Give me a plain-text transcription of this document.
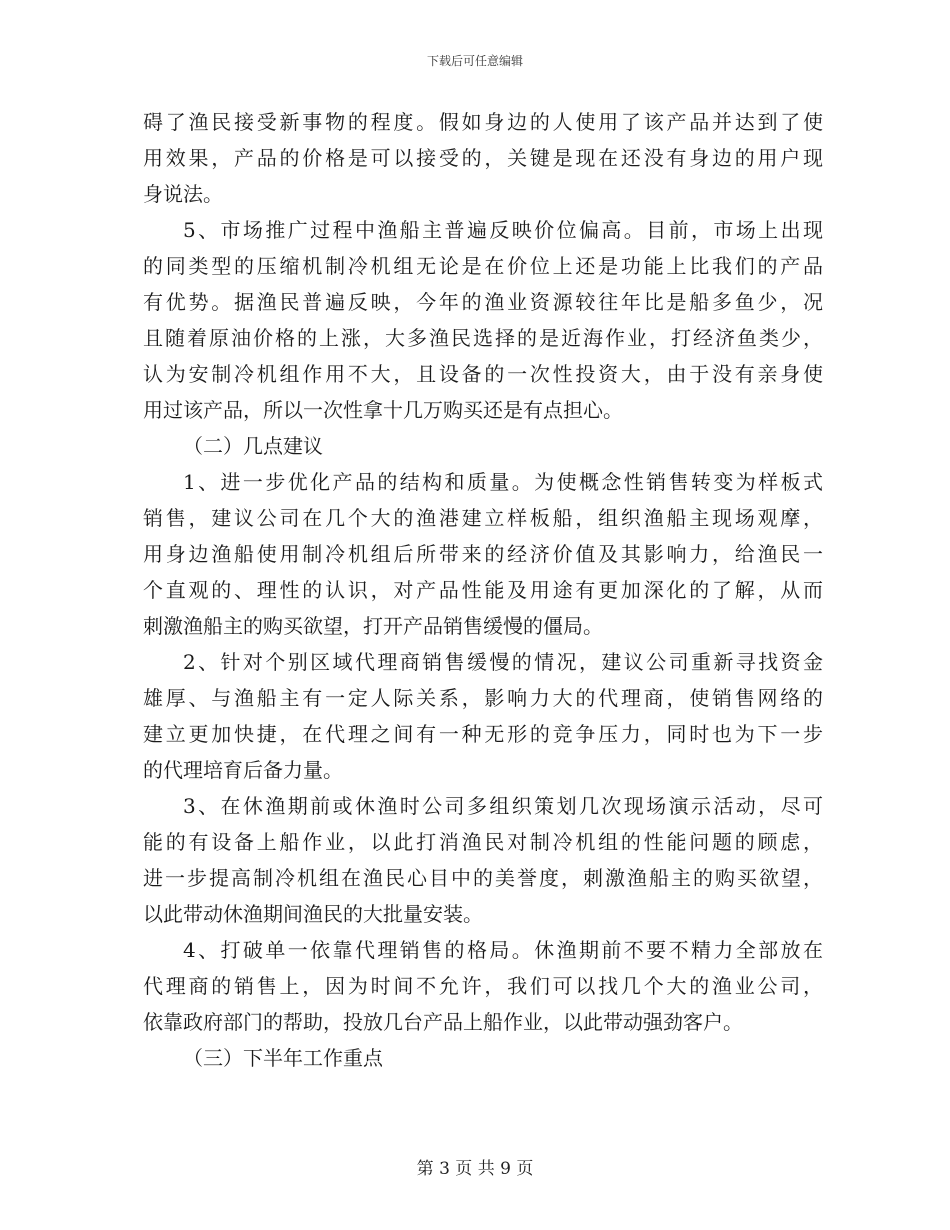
下载后可任意编辑
碍了渔民接受新事物的程度。假如身边的人使用了该产品并达到了使
用效果，产品的价格是可以接受的，关键是现在还没有身边的用户现
身说法。
5、市场推广过程中渔船主普遍反映价位偏高。目前，市场上出现
的同类型的压缩机制冷机组无论是在价位上还是功能上比我们的产品
有优势。据渔民普遍反映，今年的渔业资源较往年比是船多鱼少，况
且随着原油价格的上涨，大多渔民选择的是近海作业，打经济鱼类少，
认为安制冷机组作用不大，且设备的一次性投资大，由于没有亲身使
用过该产品，所以一次性拿十几万购买还是有点担心。
（二）几点建议
1、进一步优化产品的结构和质量。为使概念性销售转变为样板式
销售，建议公司在几个大的渔港建立样板船，组织渔船主现场观摩，
用身边渔船使用制冷机组后所带来的经济价值及其影响力，给渔民一
个直观的、理性的认识，对产品性能及用途有更加深化的了解，从而
刺激渔船主的购买欲望，打开产品销售缓慢的僵局。
2、针对个别区域代理商销售缓慢的情况，建议公司重新寻找资金
雄厚、与渔船主有一定人际关系，影响力大的代理商，使销售网络的
建立更加快捷，在代理之间有一种无形的竞争压力，同时也为下一步
的代理培育后备力量。
3、在休渔期前或休渔时公司多组织策划几次现场演示活动，尽可
能的有设备上船作业，以此打消渔民对制冷机组的性能问题的顾虑，
进一步提高制冷机组在渔民心目中的美誉度，刺激渔船主的购买欲望，
以此带动休渔期间渔民的大批量安装。
4、打破单一依靠代理销售的格局。休渔期前不要不精力全部放在
代理商的销售上，因为时间不允许，我们可以找几个大的渔业公司，
依靠政府部门的帮助，投放几台产品上船作业，以此带动强劲客户。
（三）下半年工作重点
第 3 页 共 9 页
